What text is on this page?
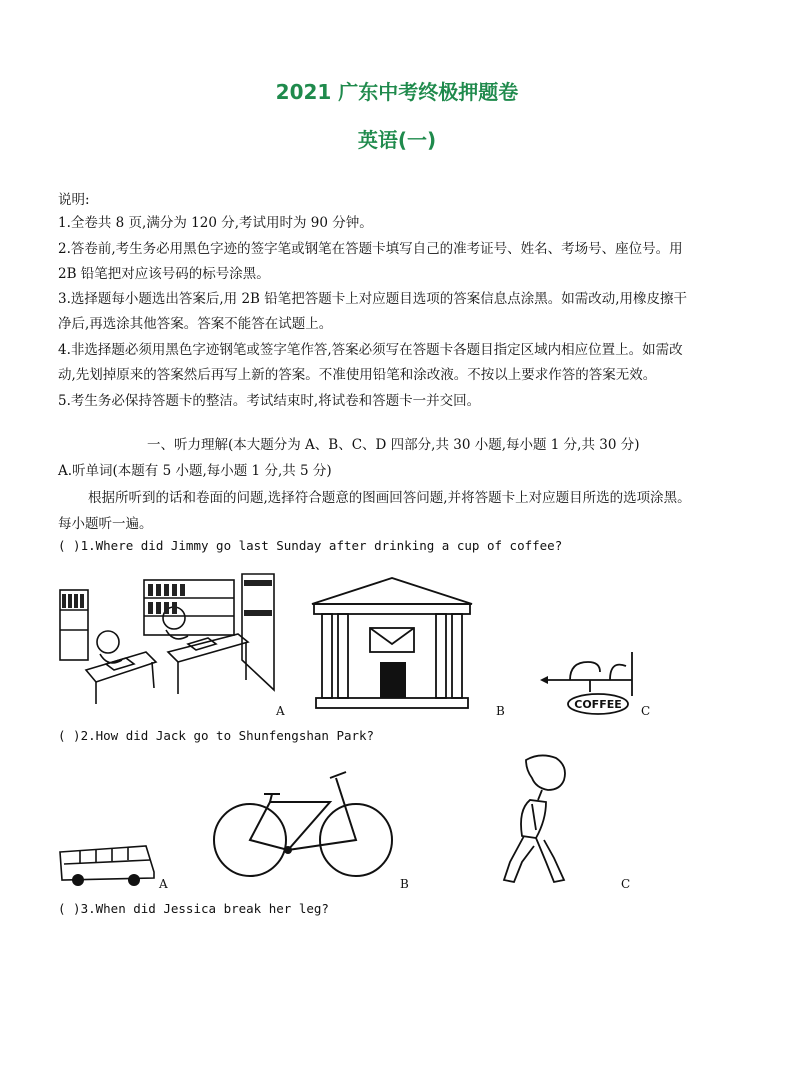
2021 广东中考终极押题卷
英语(一)
说明:
1.全卷共 8 页,满分为 120 分,考试用时为 90 分钟。
2.答卷前,考生务必用黑色字迹的签字笔或钢笔在答题卡填写自己的准考证号、姓名、考场号、座位号。用
2B 铅笔把对应该号码的标号涂黑。
3.选择题每小题选出答案后,用 2B 铅笔把答题卡上对应题目选项的答案信息点涂黑。如需改动,用橡皮擦干
净后,再选涂其他答案。答案不能答在试题上。
4.非选择题必须用黑色字迹钢笔或签字笔作答,答案必须写在答题卡各题目指定区域内相应位置上。如需改
动,先划掉原来的答案然后再写上新的答案。不准使用铅笔和涂改液。不按以上要求作答的答案无效。
5.考生务必保持答题卡的整洁。考试结束时,将试卷和答题卡一并交回。
一、听力理解(本大题分为 A、B、C、D 四部分,共 30 小题,每小题 1 分,共 30 分)
A.听单词(本题有 5 小题,每小题 1 分,共 5 分)
根据所听到的话和卷面的问题,选择符合题意的图画回答问题,并将答题卡上对应题目所选的选项涂黑。
每小题听一遍。
( )1.Where did Jimmy go last Sunday after drinking a cup of coffee?
A	B	COFFEE C
( )2.How did Jack go to Shunfengshan Park?
A	B	C
( )3.When did Jessica break her leg?
